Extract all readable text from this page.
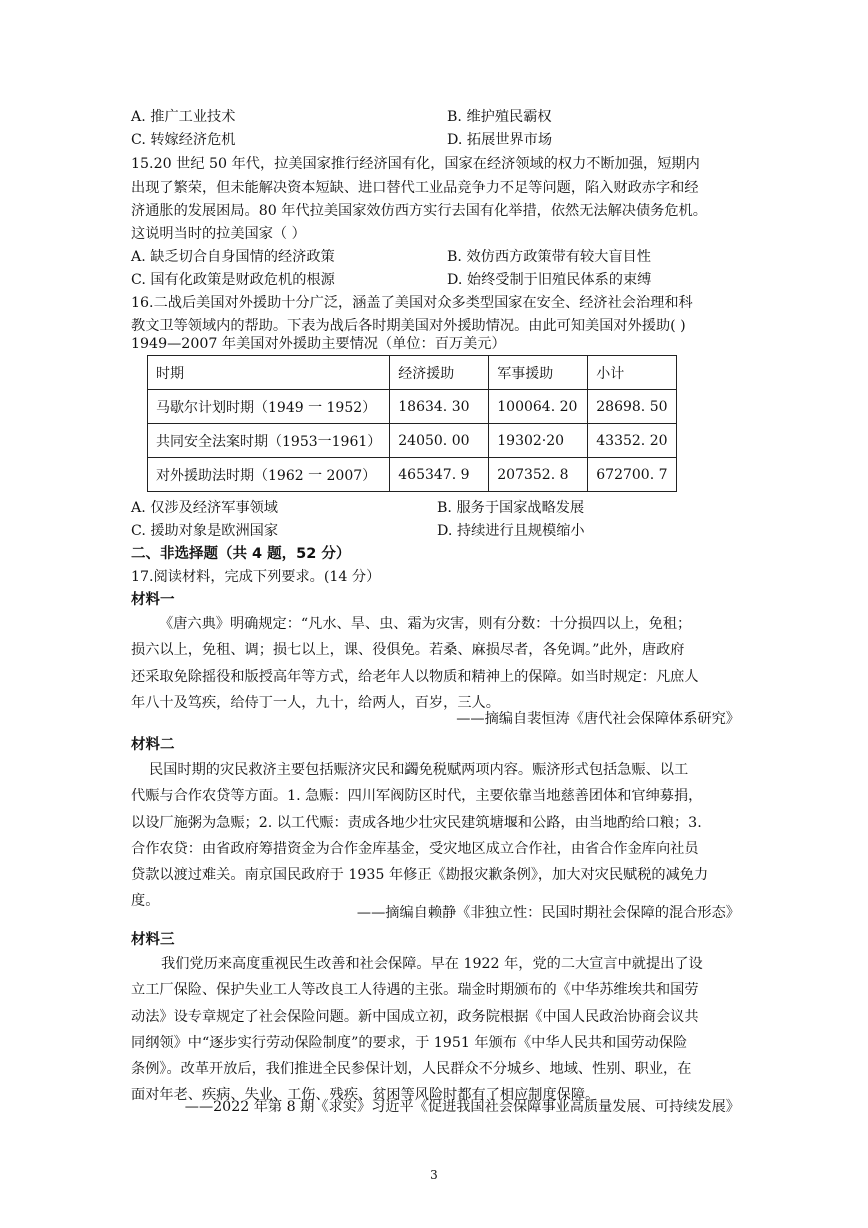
A. 推广工业技术	B. 维护殖民霸权
C. 转嫁经济危机	D. 拓展世界市场
15.20 世纪 50 年代，拉美国家推行经济国有化，国家在经济领域的权力不断加强，短期内
出现了繁荣，但未能解决资本短缺、进口替代工业品竞争力不足等问题，陷入财政赤字和经
济通胀的发展困局。80 年代拉美国家效仿西方实行去国有化举措，依然无法解决债务危机。
这说明当时的拉美国家（ ）
A. 缺乏切合自身国情的经济政策	B. 效仿西方政策带有较大盲目性
C. 国有化政策是财政危机的根源	D. 始终受制于旧殖民体系的束缚
16.二战后美国对外援助十分广泛，涵盖了美国对众多类型国家在安全、经济社会治理和科
教文卫等领域内的帮助。下表为战后各时期美国对外援助情况。由此可知美国对外援助( )
1949—2007 年美国对外援助主要情况（单位：百万美元）
时期	经济援助	军事援助	小计
马歇尔计划时期（1949 一 1952）	18634. 30	100064. 20	28698. 50
共同安全法案时期（1953一1961）	24050. 00	19302·20	43352. 20
对外援助法时期（1962 一 2007）	465347. 9	207352. 8	672700. 7
A. 仅涉及经济军事领域	B. 服务于国家战略发展
C. 援助对象是欧洲国家	D. 持续进行且规模缩小
二、非选择题（共 4 题，52 分）
17.阅读材料，完成下列要求。(14 分）
材料一
《唐六典》明确规定：“凡水、旱、虫、霜为灾害，则有分数：十分损四以上，免租；
损六以上，免租、调；损七以上，课、役俱免。若桑、麻损尽者，各免调。”此外，唐政府
还采取免除摇役和版授高年等方式，给老年人以物质和精神上的保障。如当时规定：凡庶人
年八十及笃疾，给侍丁一人，九十，给两人，百岁，三人。
——摘编自裴恒涛《唐代社会保障体系研究》
材料二
民国时期的灾民救济主要包括赈济灾民和蠲免税赋两项内容。赈济形式包括急赈、以工
代赈与合作农贷等方面。1. 急赈：四川军阀防区时代，主要依靠当地慈善团体和官绅募捐，
以设厂施粥为急赈；2. 以工代赈：责成各地少壮灾民建筑塘堰和公路，由当地酌给口粮；3.
合作农贷：由省政府筹措资金为合作金库基金，受灾地区成立合作社，由省合作金库向社员
贷款以渡过难关。南京国民政府于 1935 年修正《勘报灾歉条例》，加大对灾民赋税的减免力
度。
——摘编自赖静《非独立性：民国时期社会保障的混合形态》
材料三
我们党历来高度重视民生改善和社会保障。早在 1922 年，党的二大宣言中就提出了设
立工厂保险、保护失业工人等改良工人待遇的主张。瑞金时期颁布的《中华苏维埃共和国劳
动法》设专章规定了社会保险问题。新中国成立初，政务院根据《中国人民政治协商会议共
同纲领》中“逐步实行劳动保险制度”的要求，于 1951 年颁布《中华人民共和国劳动保险
条例》。改革开放后，我们推进全民参保计划，人民群众不分城乡、地域、性别、职业，在
面对年老、疾病、失业、工伤、残疾、贫困等风险时都有了相应制度保障。
——2022 年第 8 期《求实》习近平《促进我国社会保障事业高质量发展、可持续发展》
3
